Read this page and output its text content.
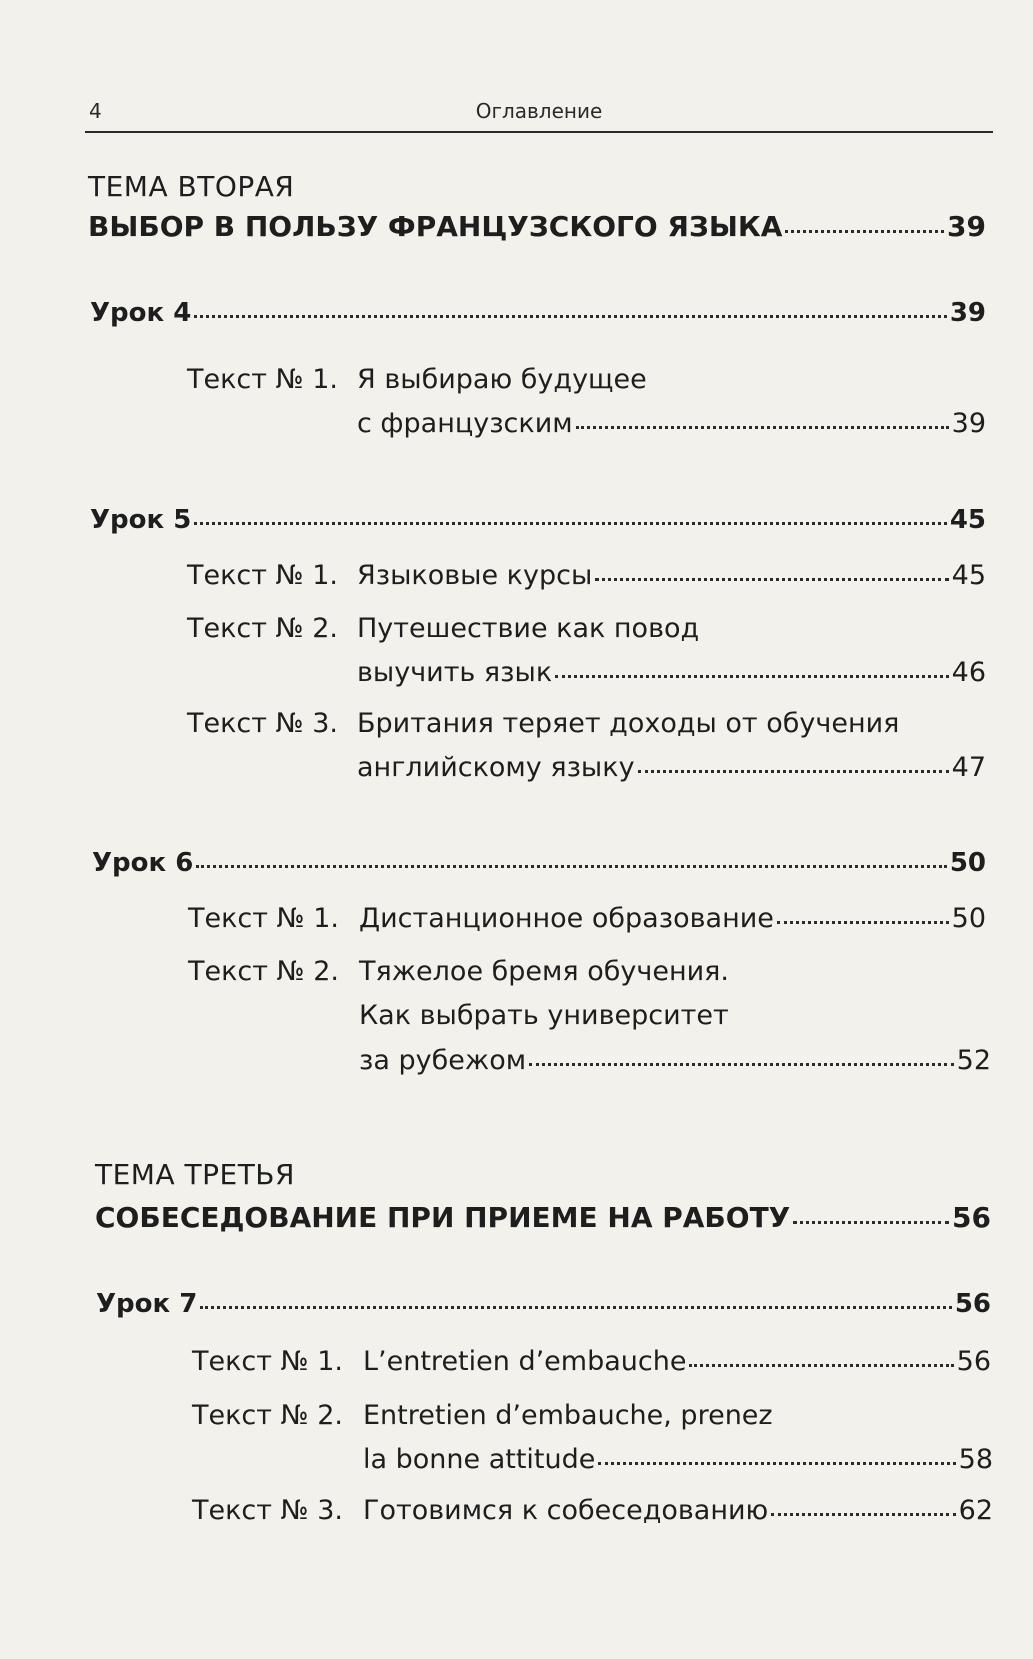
4	Оглавление
ТЕМА ВТОРАЯ
ВЫБОР В ПОЛЬЗУ ФРАНЦУЗСКОГО ЯЗЫКА	39
Урок 4	39
Текст № 1. Я выбираю будущее
с французским	39
Урок 5	45
Текст № 1. Языковые курсы	45
Текст № 2. Путешествие как повод
выучить язык	46
Текст № 3. Британия теряет доходы от обучения
английскому языку	47
Урок 6	50
Текст № 1. Дистанционное образование	50
Текст № 2. Тяжелое бремя обучения.
Как выбрать университет
за рубежом	52
ТЕМА ТРЕТЬЯ
СОБЕСЕДОВАНИЕ ПРИ ПРИЕМЕ НА РАБОТУ	56
Урок 7	56
Текст № 1. L’entretien d’embauche	56
Текст № 2. Entretien d’embauche, prenez
la bonne attitude	58
Текст № 3. Готовимся к собеседованию	62
